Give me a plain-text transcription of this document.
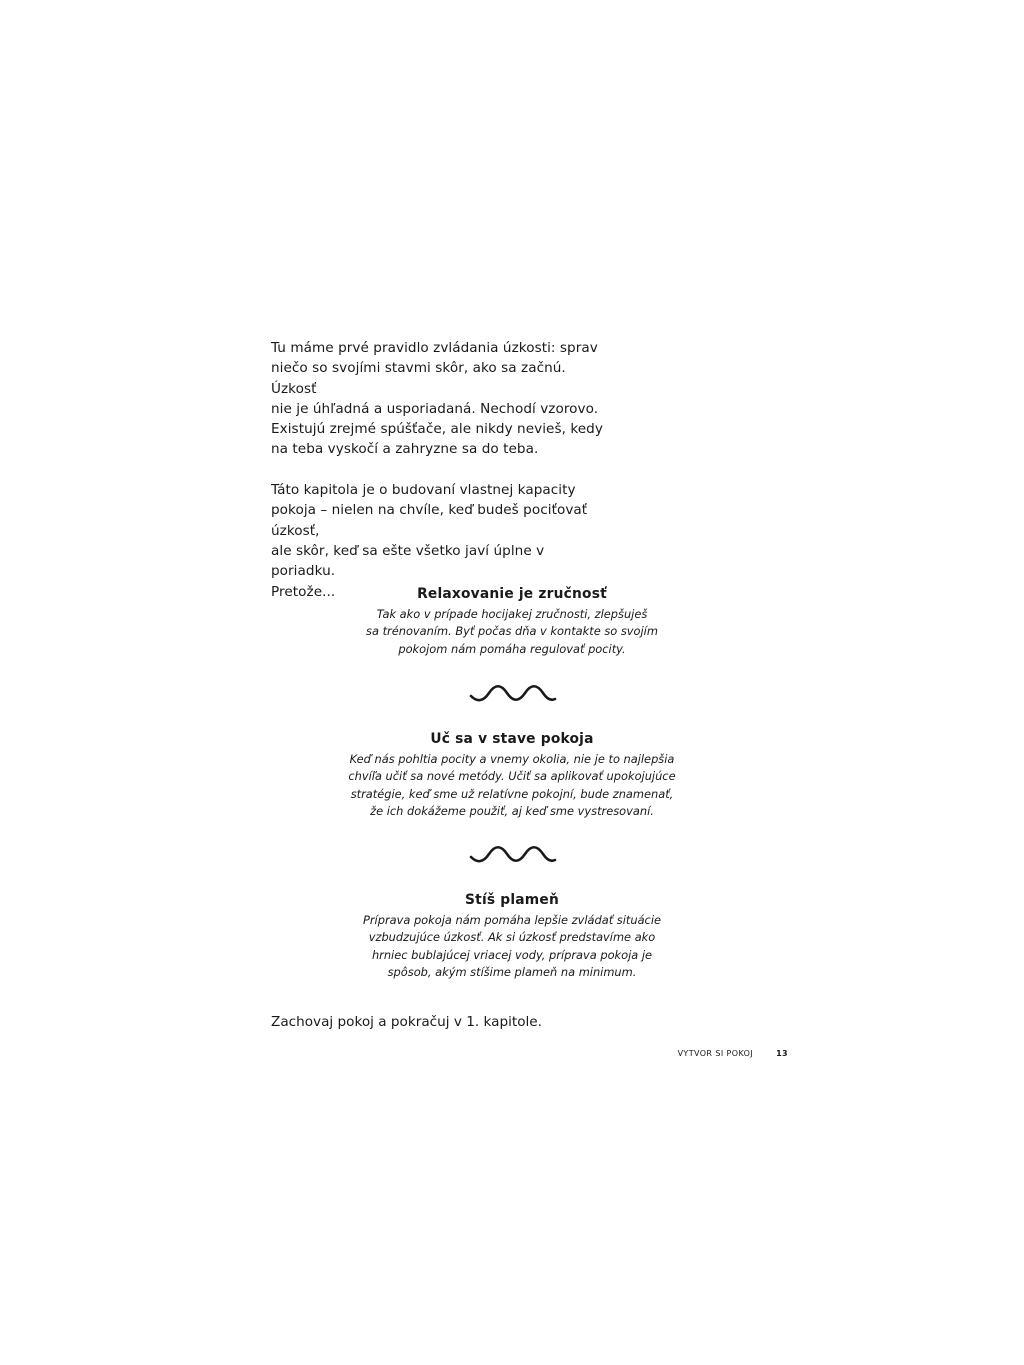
Tu máme prvé pravidlo zvládania úzkosti: sprav
niečo so svojími stavmi skôr, ako sa začnú. Úzkosť
nie je úhľadná a usporiadaná. Nechodí vzorovo.
Existujú zrejmé spúšťače, ale nikdy nevieš, kedy
na teba vyskočí a zahryzne sa do teba.

Táto kapitola je o budovaní vlastnej kapacity
pokoja – nielen na chvíle, keď budeš pociťovať úzkosť,
ale skôr, keď sa ešte všetko javí úplne v poriadku.
Pretože...	Relaxovanie je zručnosť

Tak ako v prípade hocijakej zručnosti, zlepšuješ
sa trénovaním. Byť počas dňa v kontakte so svojím
pokojom nám pomáha regulovať pocity.

Uč sa v stave pokoja

Keď nás pohltia pocity a vnemy okolia, nie je to najlepšia
chvíľa učiť sa nové metódy. Učiť sa aplikovať upokojujúce
stratégie, keď sme už relatívne pokojní, bude znamenať,
že ich dokážeme použiť, aj keď sme vystresovaní.

Stíš plameň

Príprava pokoja nám pomáha lepšie zvládať situácie
vzbudzujúce úzkosť. Ak si úzkosť predstavíme ako
hrniec bublajúcej vriacej vody, príprava pokoja je
spôsob, akým stíšime plameň na minimum.

Zachovaj pokoj a pokračuj v 1. kapitole.

VYTVOR SI POKOJ	13
